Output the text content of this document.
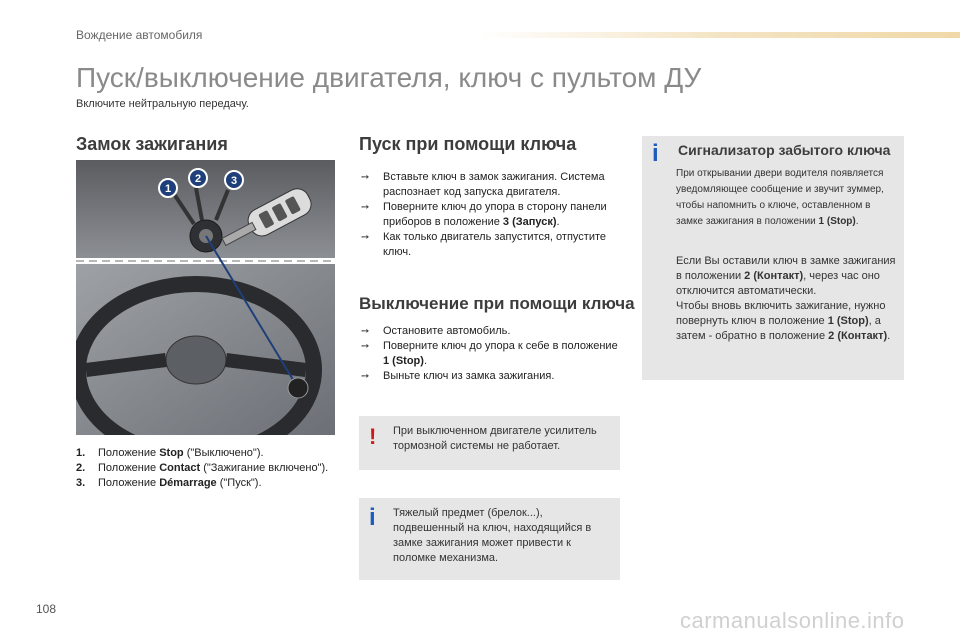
Вождение автомобиля
Пуск/выключение двигателя, ключ с пультом ДУ
Включите нейтральную передачу.
Замок зажигания	Пуск при помощи ключа
1
2	3
1. Положение Stop ("Выключено").
2. Положение Contact ("Зажигание включено").
3. Положение Démarrage ("Пуск").
➙ Вставьте ключ в замок зажигания. Система распознает код запуска двигателя.
➙ Поверните ключ до упора в сторону панели приборов в положение 3 (Запуск).
➙ Как только двигатель запустится, отпустите ключ.
Выключение при помощи ключа
➙ Остановите автомобиль.
➙ Поверните ключ до упора к себе в положение 1 (Stop).
➙ Выньте ключ из замка зажигания.
! При выключенном двигателе усилитель тормозной системы не работает.
i Тяжелый предмет (брелок...), подвешенный на ключ, находящийся в замке зажигания может привести к поломке механизма.
i Сигнализатор забытого ключа
При открывании двери водителя появляется уведомляющее сообщение и звучит зуммер, чтобы напомнить о ключе, оставленном в замке зажигания в положении 1 (Stop).
Если Вы оставили ключ в замке зажигания в положении 2 (Контакт), через час оно отключится автоматически.
Чтобы вновь включить зажигание, нужно повернуть ключ в положение 1 (Stop), а затем - обратно в положение 2 (Контакт).
108	carmanualsonline.info
